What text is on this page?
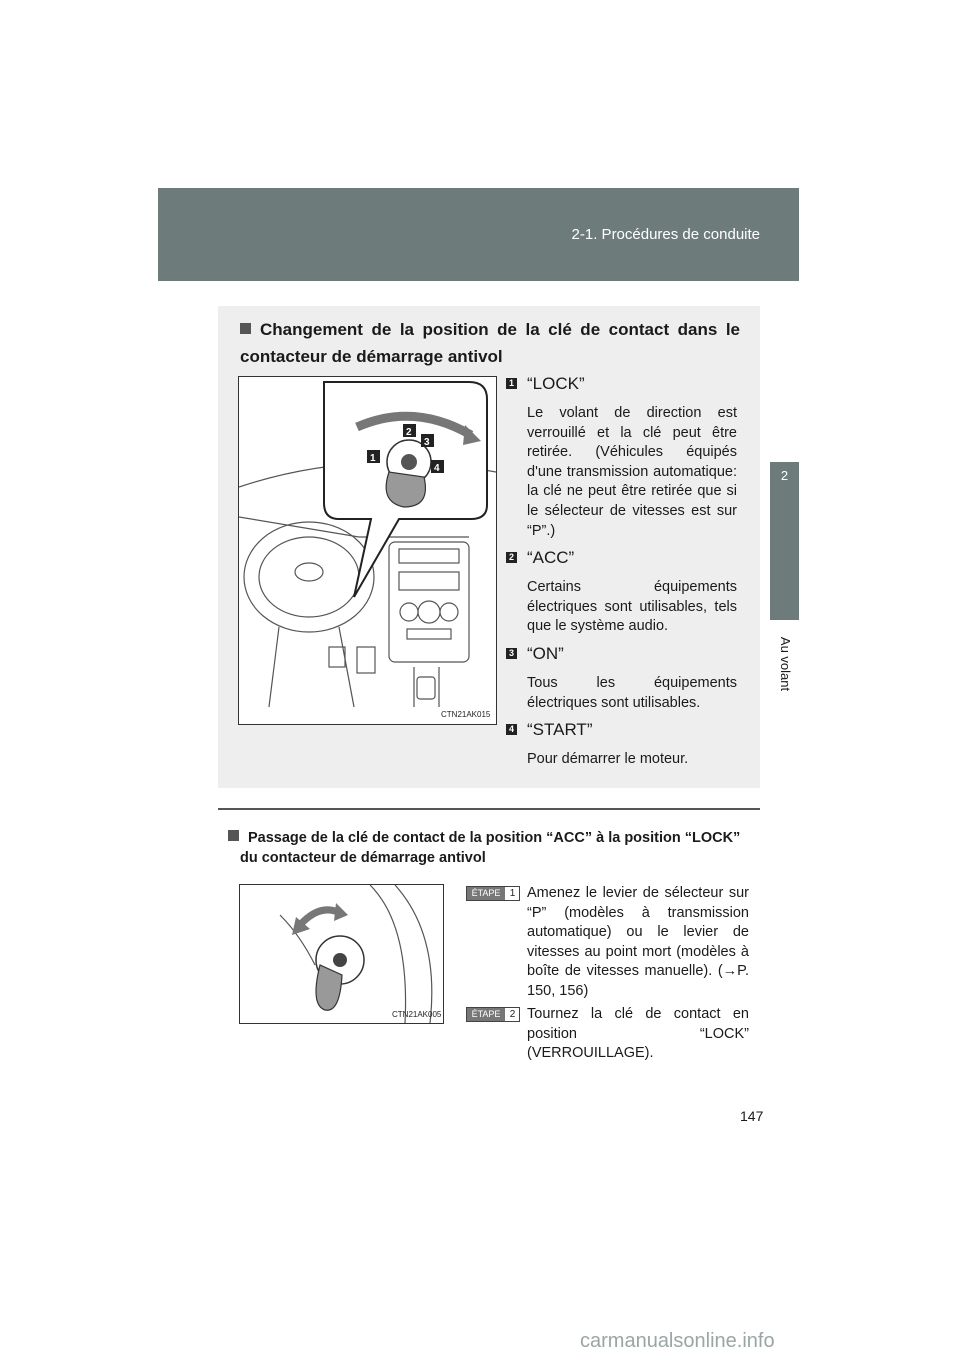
2-1. Procédures de conduite
2
Au volant
Changement de la position de la clé de contact dans le contacteur de démarrage antivol
1
2
3
4
CTN21AK015
1 “LOCK”
Le volant de direction est verrouillé et la clé peut être retirée. (Véhicules équipés d'une transmission automatique: la clé ne peut être retirée que si le sélecteur de vitesses est sur “P”.)
2 “ACC”
Certains équipements électriques sont utilisables, tels que le système audio.
3 “ON”
Tous les équipements électriques sont utilisables.
4 “START”
Pour démarrer le moteur.
Passage de la clé de contact de la position “ACC” à la position “LOCK”
du contacteur de démarrage antivol
CTN21AK005
ÉTAPE 1 Amenez le levier de sélecteur sur “P” (modèles à transmission automatique) ou le levier de vitesses au point mort (modèles à boîte de vitesses manuelle). (→P. 150, 156)
ÉTAPE 2 Tournez la clé de contact en position “LOCK” (VERROUILLAGE).
147
carmanualsonline.info
